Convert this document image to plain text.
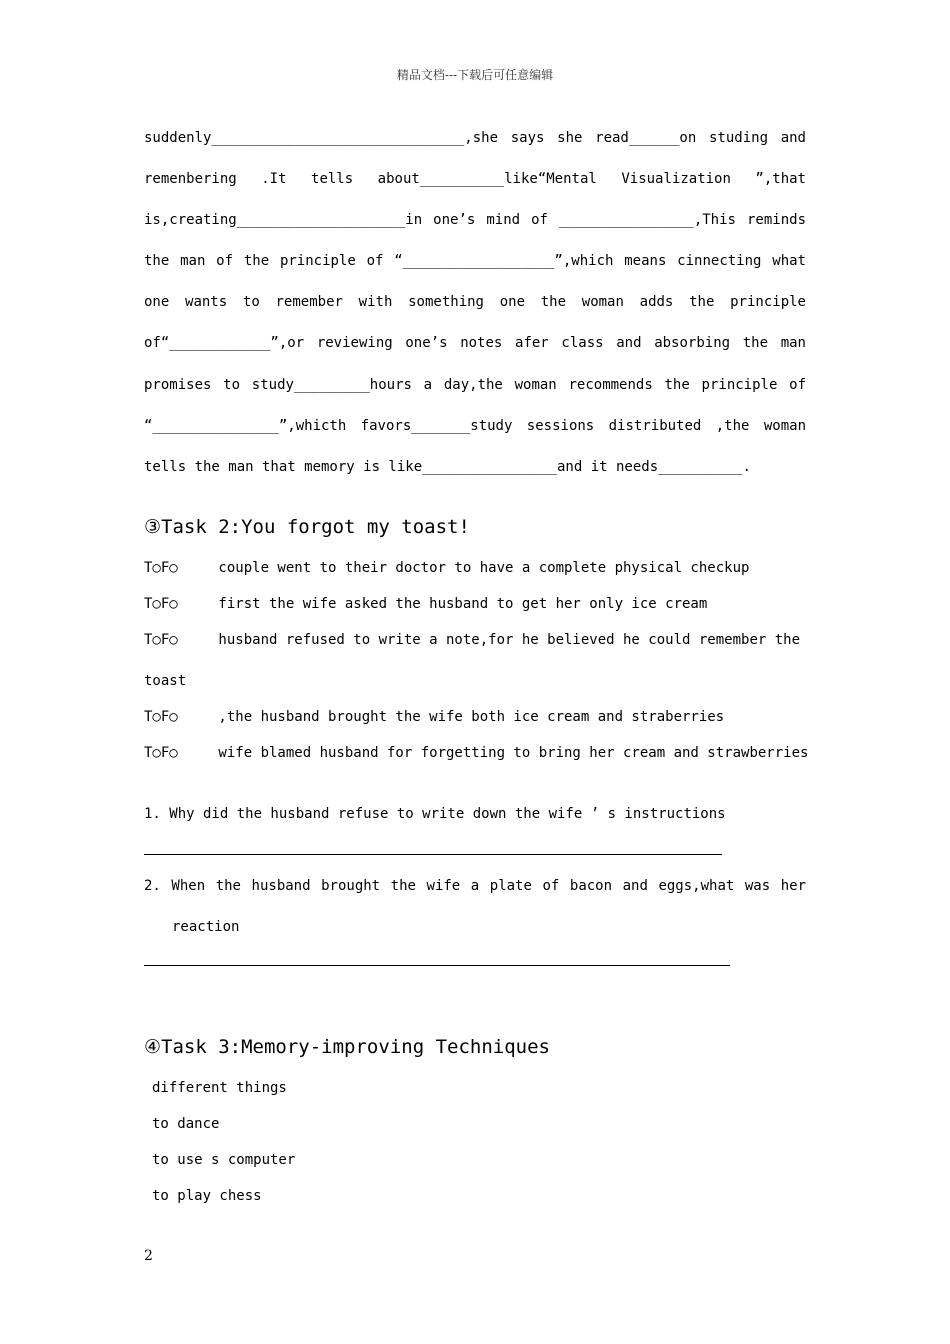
精品文档---下载后可任意编辑
suddenly______________________________,she says she read______on studing and
remenbering .It tells about__________like“Mental Visualization ”,that
is,creating____________________in one’s mind of ________________,This reminds
the man of the principle of “__________________”,which means cinnecting what
one wants to remember with something one the woman adds the principle
of“____________”,or reviewing one’s notes afer class and absorbing the man
promises to study_________hours a day,the woman recommends the principle of
“_______________”,whicth favors_______study sessions distributed ,the woman
tells the man that memory is like________________and it needs__________.
③Task 2:You forgot my toast!
T○F○ couple went to their doctor to have a complete physical checkup
T○F○ first the wife asked the husband to get her only ice cream
T○F○ husband refused to write a note,for he believed he could remember the
toast
T○F○ ,the husband brought the wife both ice cream and straberries
T○F○ wife blamed husband for forgetting to bring her cream and strawberries
1. Why did the husband refuse to write down the wife ’ s instructions
2. When the husband brought the wife a plate of bacon and eggs,what was her
reaction
④Task 3:Memory-improving Techniques
different things
to dance
to use s computer
to play chess
2
